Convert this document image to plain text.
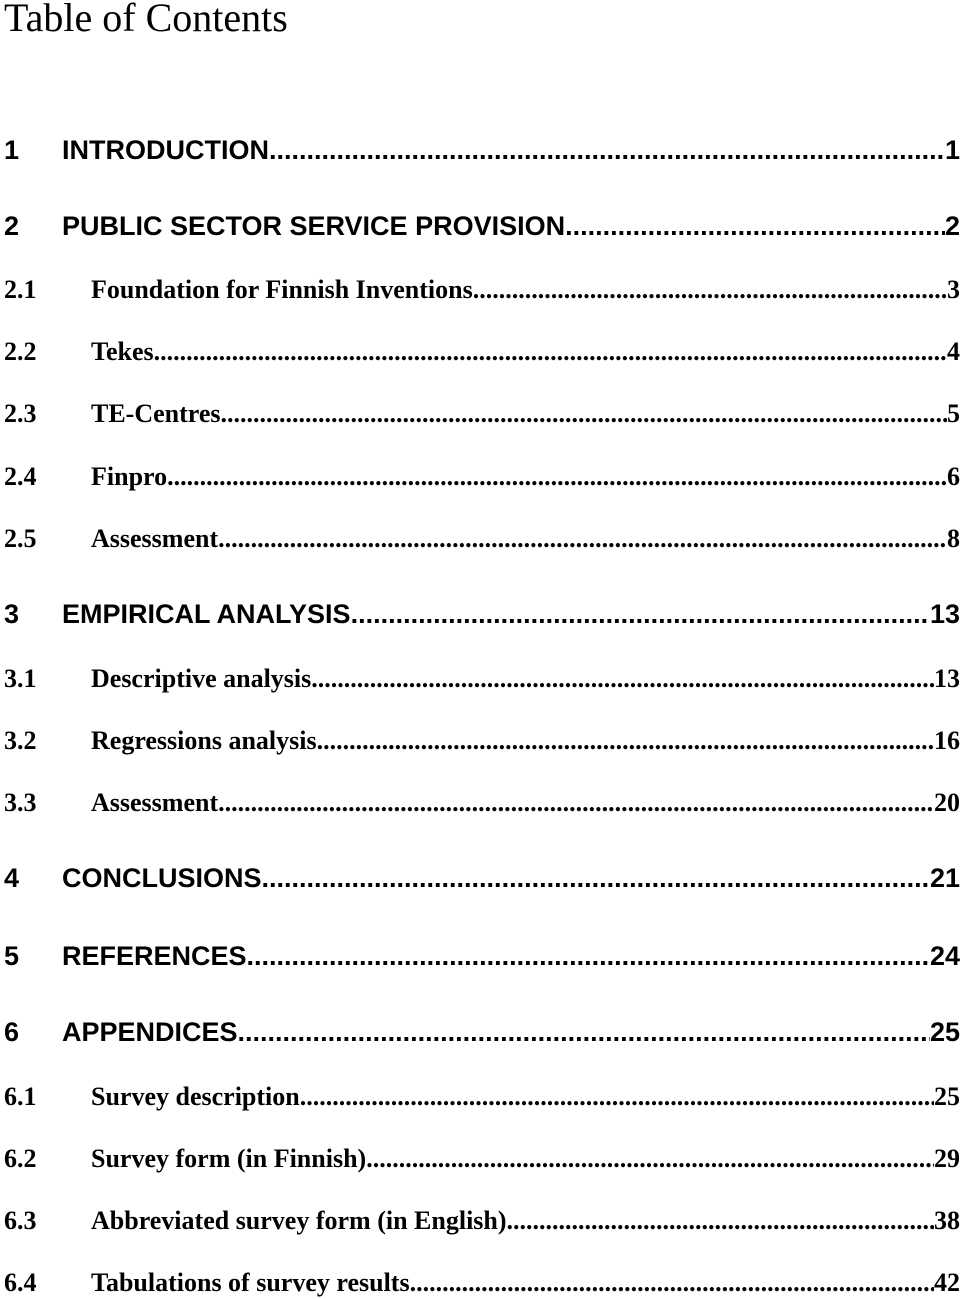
Table of Contents
1	INTRODUCTION .....	1
2	PUBLIC SECTOR SERVICE PROVISION .....	2
2.1	Foundation for Finnish Inventions .....	3
2.2	Tekes .....	4
2.3	TE-Centres .....	5
2.4	Finpro .....	6
2.5	Assessment .....	8
3	EMPIRICAL ANALYSIS .....	13
3.1	Descriptive analysis .....	13
3.2	Regressions analysis .....	16
3.3	Assessment .....	20
4	CONCLUSIONS .....	21
5	REFERENCES .....	24
6	APPENDICES .....	25
6.1	Survey description .....	25
6.2	Survey form (in Finnish) .....	29
6.3	Abbreviated survey form (in English) .....	38
6.4	Tabulations of survey results .....	42
